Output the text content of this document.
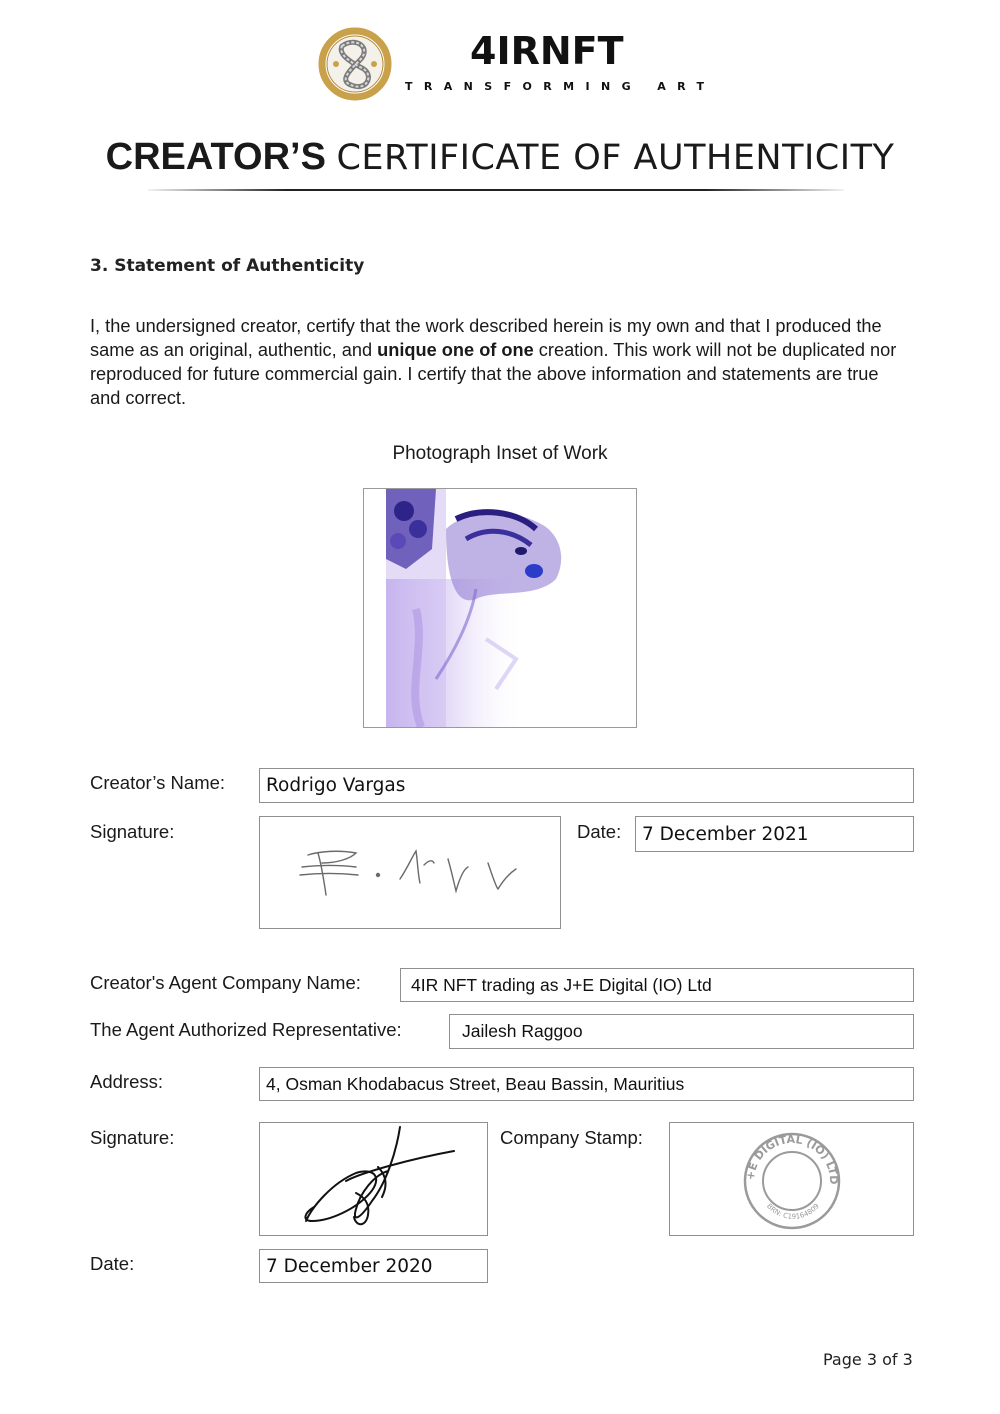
4IRNFT
TRANSFORMING ART
CREATOR’S CERTIFICATE OF AUTHENTICITY
3. Statement of Authenticity
I, the undersigned creator, certify that the work described herein is my own and that I produced the same as an original, authentic, and unique one of one creation. This work will not be duplicated nor reproduced for future commercial gain. I certify that the above information and statements are true and correct.
Photograph Inset of Work
Creator’s Name: Rodrigo Vargas
Signature:	Date: 7 December 2021
Creator's Agent Company Name:	4IR NFT trading as J+E Digital (IO) Ltd
The Agent Authorized Representative:	Jailesh Raggoo
Address:	4, Osman Khodabacus Street, Beau Bassin, Mauritius
Signature:	Company Stamp:
+E DIGITAL (IO) LTD
BRN: C19164809
Date:	7 December 2020
Page 3 of 3
